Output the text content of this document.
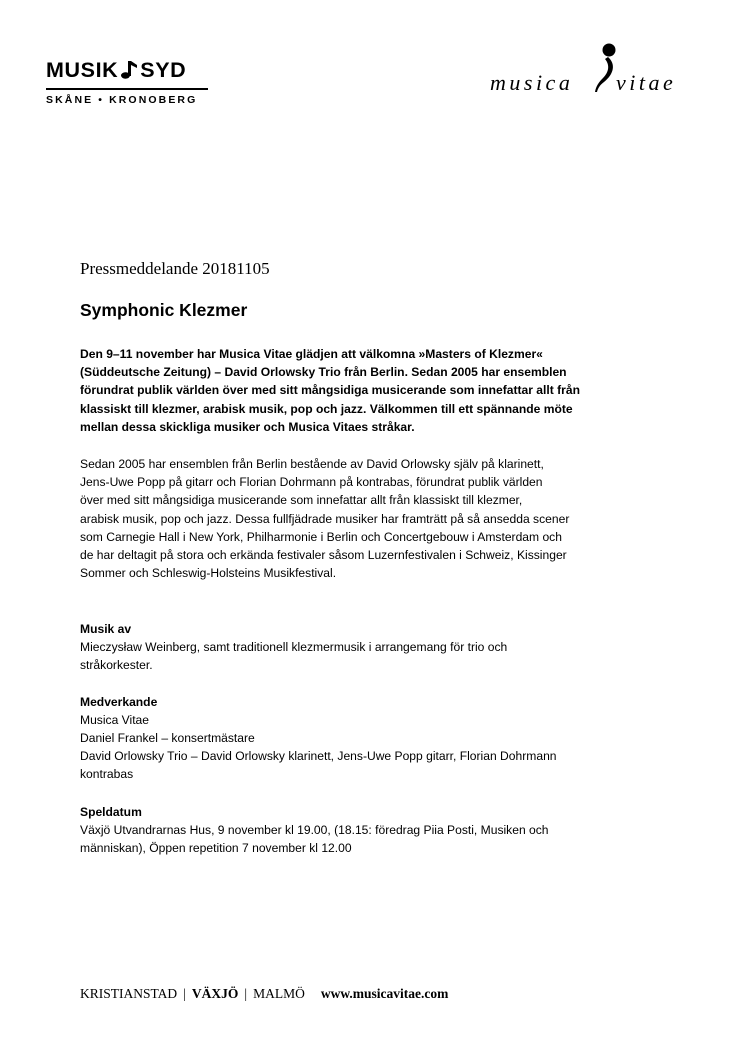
MUSIK SYD
SKÅNE • KRONOBERG
musica vitae
Pressmeddelande 20181105
Symphonic Klezmer
Den 9–11 november har Musica Vitae glädjen att välkomna »Masters of Klezmer«
(Süddeutsche Zeitung) – David Orlowsky Trio från Berlin. Sedan 2005 har ensemblen
förundrat publik världen över med sitt mångsidiga musicerande som innefattar allt från
klassiskt till klezmer, arabisk musik, pop och jazz. Välkommen till ett spännande möte
mellan dessa skickliga musiker och Musica Vitaes stråkar.
Sedan 2005 har ensemblen från Berlin bestående av David Orlowsky själv på klarinett,
Jens-Uwe Popp på gitarr och Florian Dohrmann på kontrabas, förundrat publik världen
över med sitt mångsidiga musicerande som innefattar allt från klassiskt till klezmer,
arabisk musik, pop och jazz. Dessa fullfjädrade musiker har framträtt på så ansedda scener
som Carnegie Hall i New York, Philharmonie i Berlin och Concertgebouw i Amsterdam och
de har deltagit på stora och erkända festivaler såsom Luzernfestivalen i Schweiz, Kissinger
Sommer och Schleswig-Holsteins Musikfestival.
Musik av
Mieczysław Weinberg, samt traditionell klezmermusik i arrangemang för trio och
stråkorkester.
Medverkande
Musica Vitae
Daniel Frankel – konsertmästare
David Orlowsky Trio – David Orlowsky klarinett, Jens-Uwe Popp gitarr, Florian Dohrmann
kontrabas
Speldatum
Växjö Utvandrarnas Hus, 9 november kl 19.00, (18.15: föredrag Piia Posti, Musiken och
människan), Öppen repetition 7 november kl 12.00
KRISTIANSTAD | VÄXJÖ | MALMÖ www.musicavitae.com
